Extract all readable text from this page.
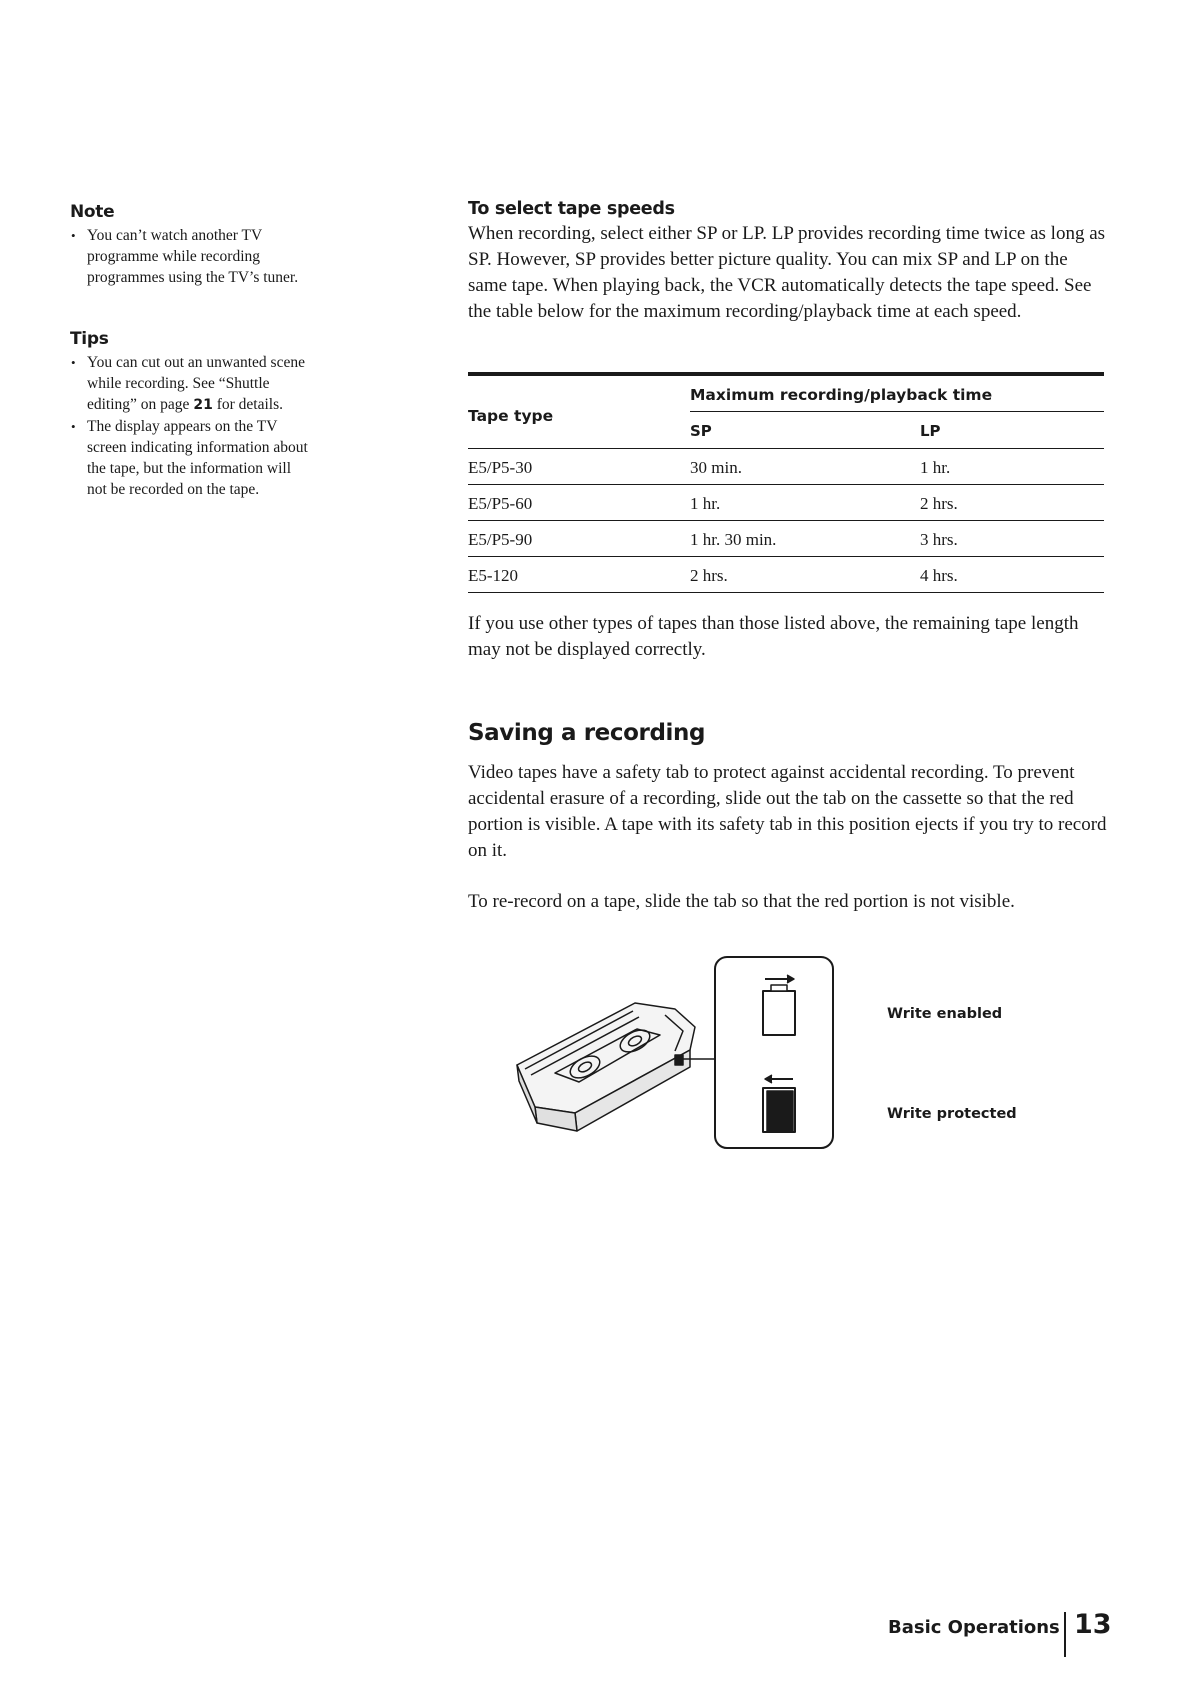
Note
• You can’t watch another TV programme while recording programmes using the TV’s tuner.
Tips
• You can cut out an unwanted scene while recording. See “Shuttle editing” on page 21 for details.
• The display appears on the TV screen indicating information about the tape, but the information will not be recorded on the tape.

To select tape speeds

When recording, select either SP or LP. LP provides recording time twice as long as SP. However, SP provides better picture quality. You can mix SP and LP on the same tape. When playing back, the VCR automatically detects the tape speed. See the table below for the maximum recording/playback time at each speed.

Tape type
Maximum recording/playback time
SP	LP
E5/P5-30	30 min.	1 hr.
E5/P5-60	1 hr.	2 hrs.
E5/P5-90	1 hr. 30 min.	3 hrs.
E5-120	2 hrs.	4 hrs.

If you use other types of tapes than those listed above, the remaining tape length may not be displayed correctly.

Saving a recording

Video tapes have a safety tab to protect against accidental recording. To prevent accidental erasure of a recording, slide out the tab on the cassette so that the red portion is visible. A tape with its safety tab in this position ejects if you try to record on it.

To re-record on a tape, slide the tab so that the red portion is not visible.

Write enabled
Write protected
Basic Operations 13
